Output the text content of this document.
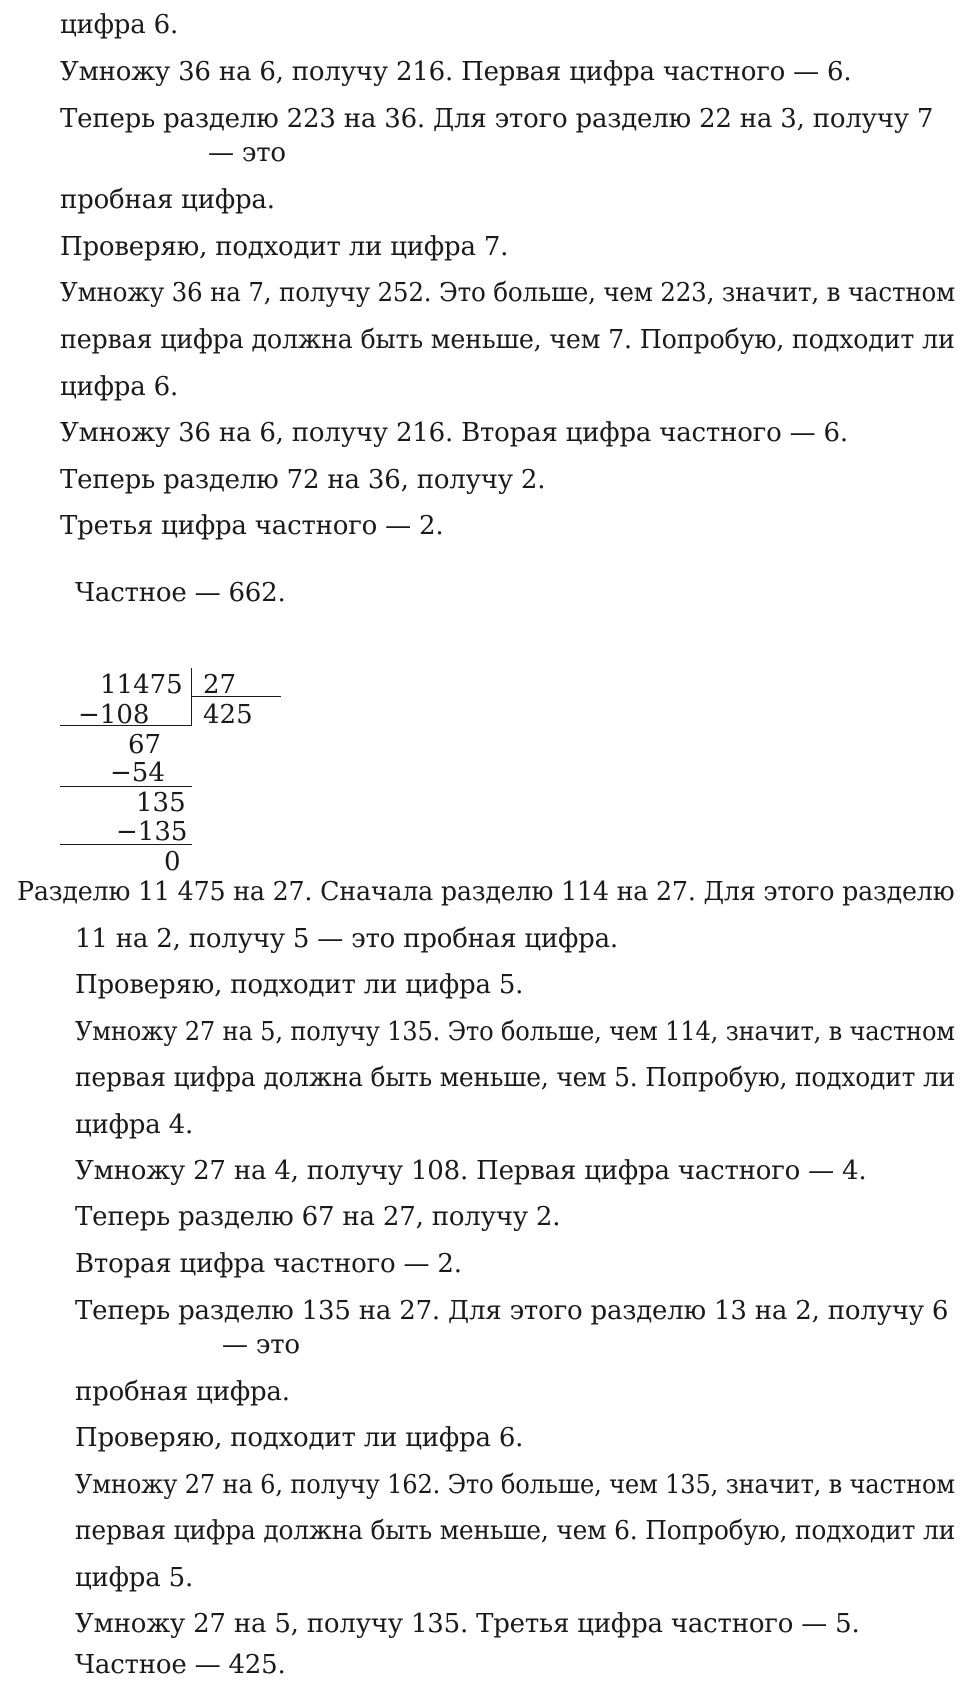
цифра 6.
Умножу 36 на 6, получу 216. Первая цифра частного — 6.
Теперь разделю 223 на 36. Для этого разделю 22 на 3, получу 7
— это
пробная цифра.
Проверяю, подходит ли цифра 7.
Умножу 36 на 7, получу 252. Это больше, чем 223, значит, в частном
первая цифра должна быть меньше, чем 7. Попробую, подходит ли
цифра 6.
Умножу 36 на 6, получу 216. Вторая цифра частного — 6.
Теперь разделю 72 на 36, получу 2.
Третья цифра частного — 2.
Частное — 662.
11475 27
425
−108
67
−54
135
−135
0
Разделю 11 475 на 27. Сначала разделю 114 на 27. Для этого разделю
11 на 2, получу 5 — это пробная цифра.
Проверяю, подходит ли цифра 5.
Умножу 27 на 5, получу 135. Это больше, чем 114, значит, в частном
первая цифра должна быть меньше, чем 5. Попробую, подходит ли
цифра 4.
Умножу 27 на 4, получу 108. Первая цифра частного — 4.
Теперь разделю 67 на 27, получу 2.
Вторая цифра частного — 2.
Теперь разделю 135 на 27. Для этого разделю 13 на 2, получу 6
— это
пробная цифра.
Проверяю, подходит ли цифра 6.
Умножу 27 на 6, получу 162. Это больше, чем 135, значит, в частном
первая цифра должна быть меньше, чем 6. Попробую, подходит ли
цифра 5.
Умножу 27 на 5, получу 135. Третья цифра частного — 5.
Частное — 425.
